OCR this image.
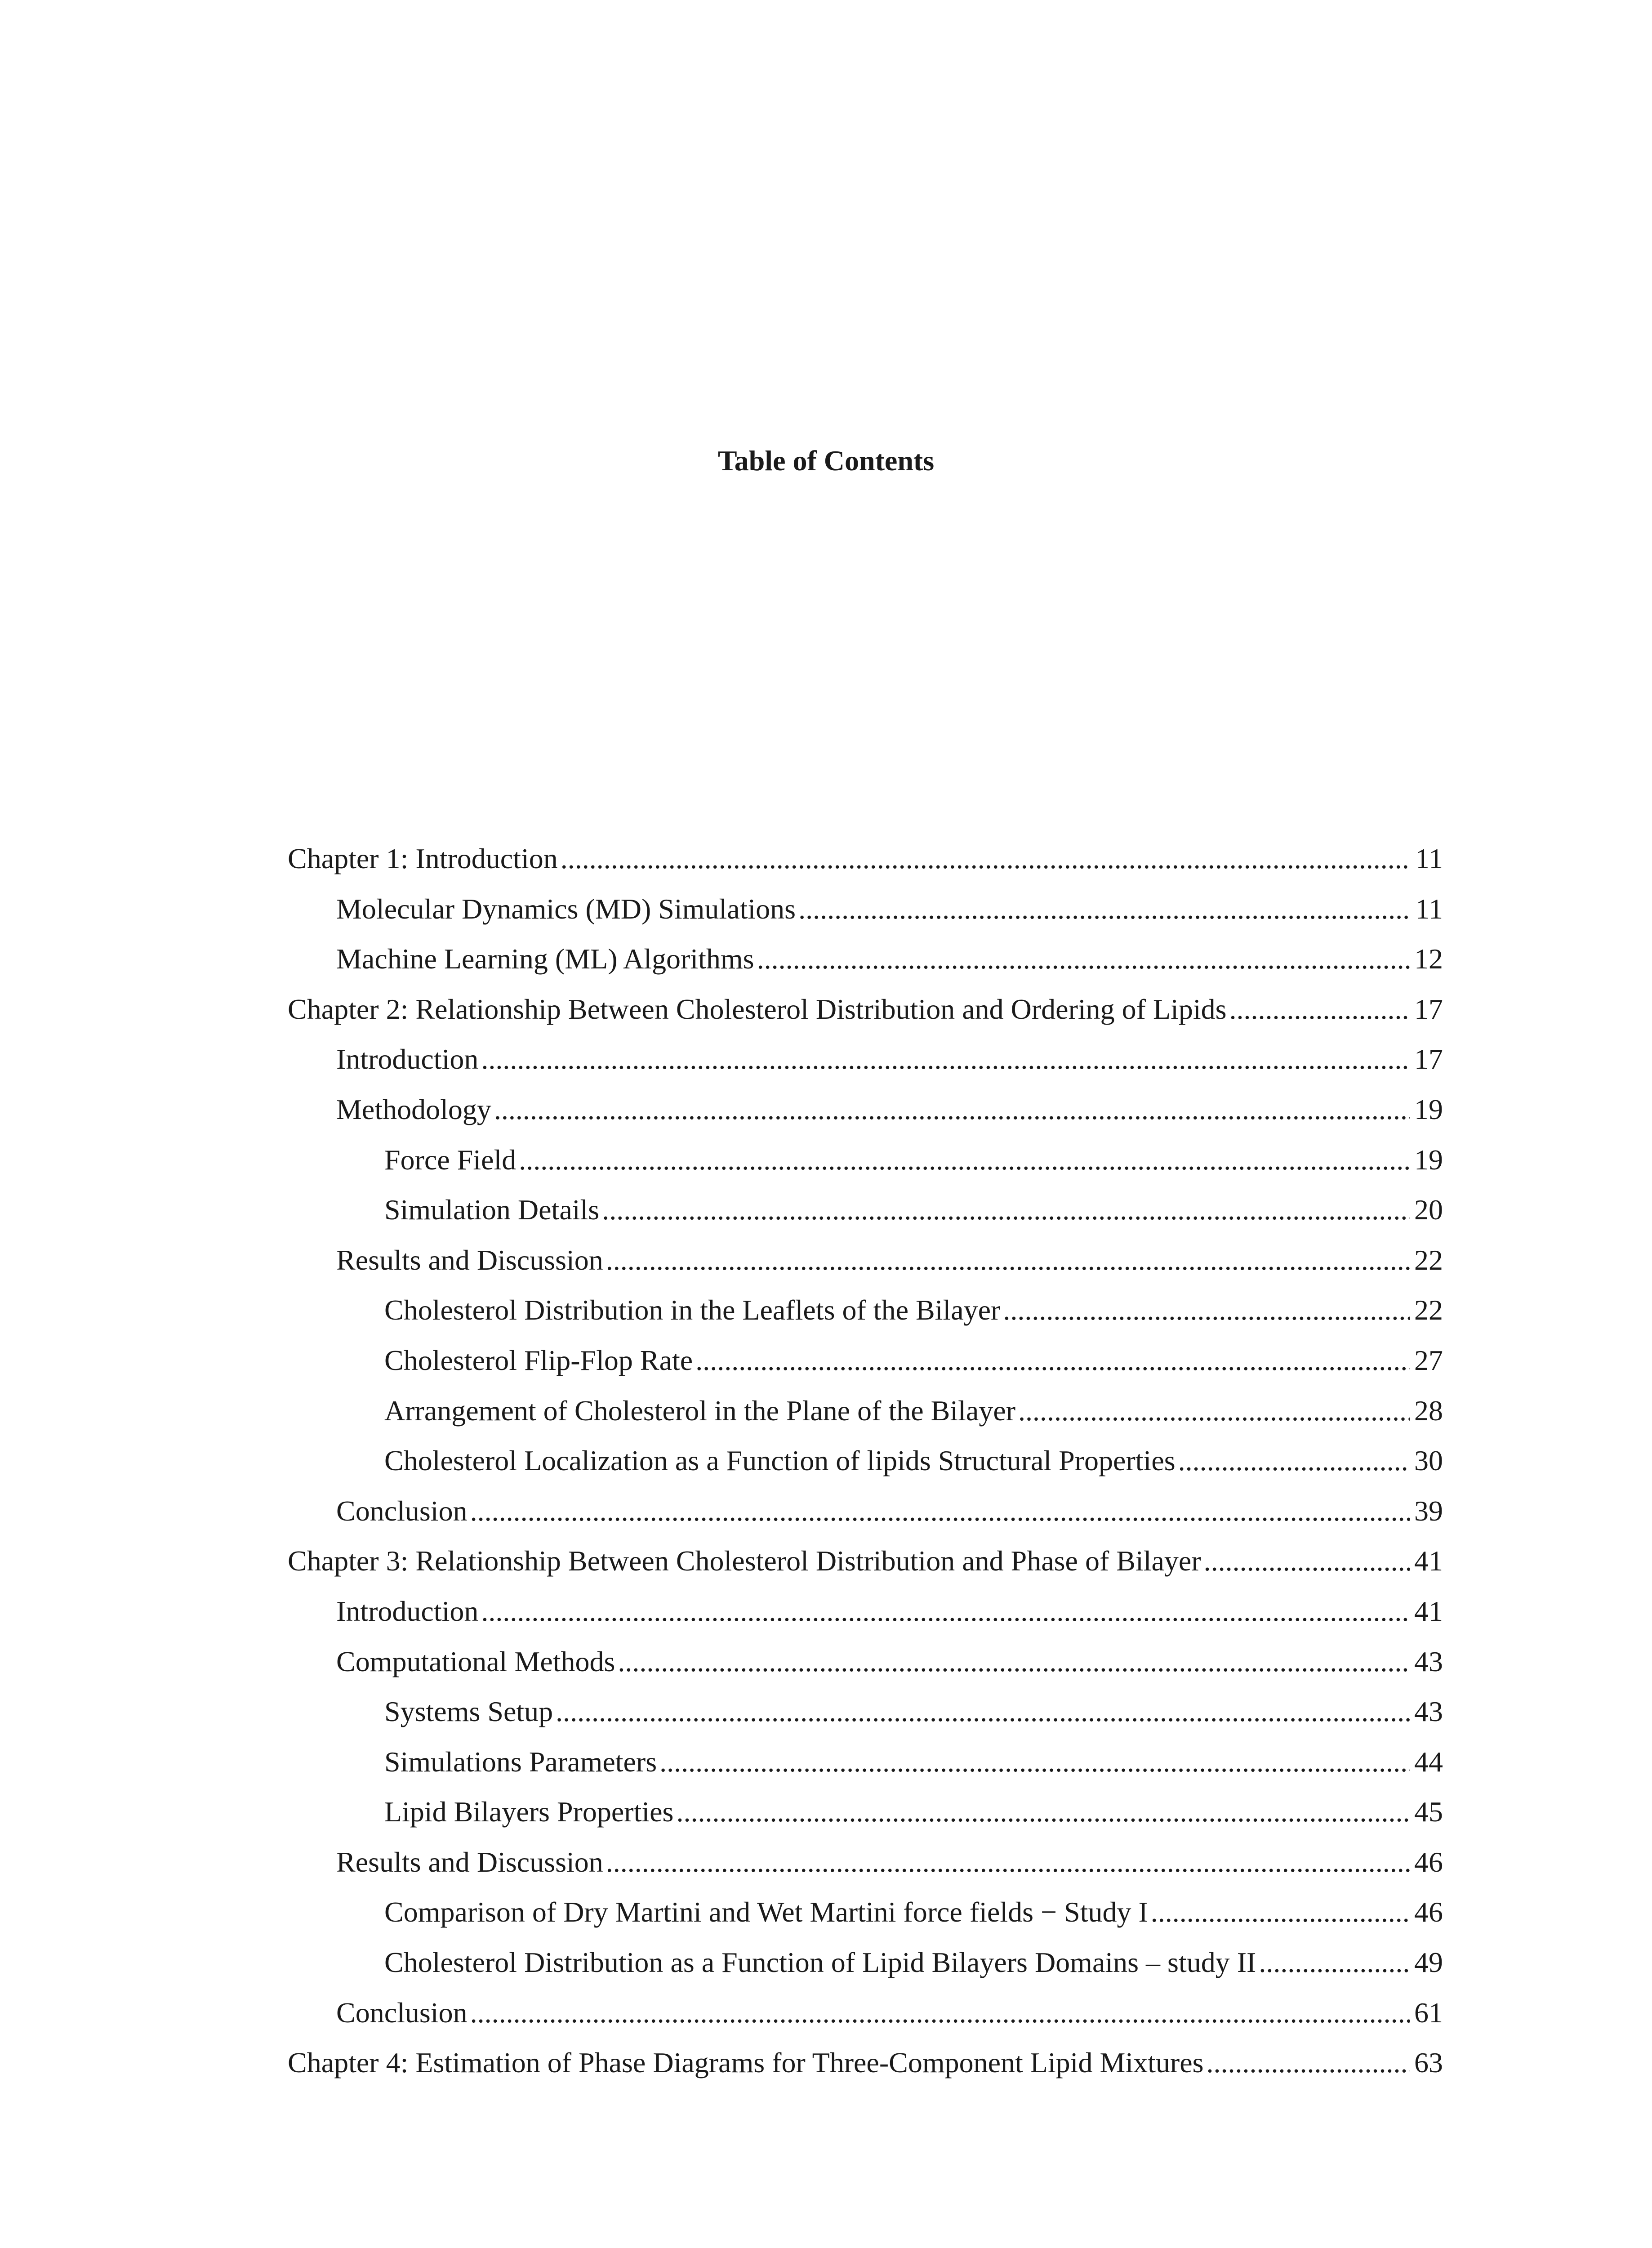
Table of Contents
Chapter 1: Introduction .....	11
Molecular Dynamics (MD) Simulations .....	11
Machine Learning (ML) Algorithms .....	12
Chapter 2: Relationship Between Cholesterol Distribution and Ordering of Lipids .....	17
Introduction .....	17
Methodology .....	19
Force Field .....	19
Simulation Details .....	20
Results and Discussion .....	22
Cholesterol Distribution in the Leaflets of the Bilayer .....	22
Cholesterol Flip-Flop Rate .....	27
Arrangement of Cholesterol in the Plane of the Bilayer .....	28
Cholesterol Localization as a Function of lipids Structural Properties .....	30
Conclusion .....	39
Chapter 3: Relationship Between Cholesterol Distribution and Phase of Bilayer .....	41
Introduction .....	41
Computational Methods .....	43
Systems Setup .....	43
Simulations Parameters .....	44
Lipid Bilayers Properties .....	45
Results and Discussion .....	46
Comparison of Dry Martini and Wet Martini force fields − Study I .....	46
Cholesterol Distribution as a Function of Lipid Bilayers Domains – study II .....	49
Conclusion .....	61
Chapter 4: Estimation of Phase Diagrams for Three-Component Lipid Mixtures .....	63
